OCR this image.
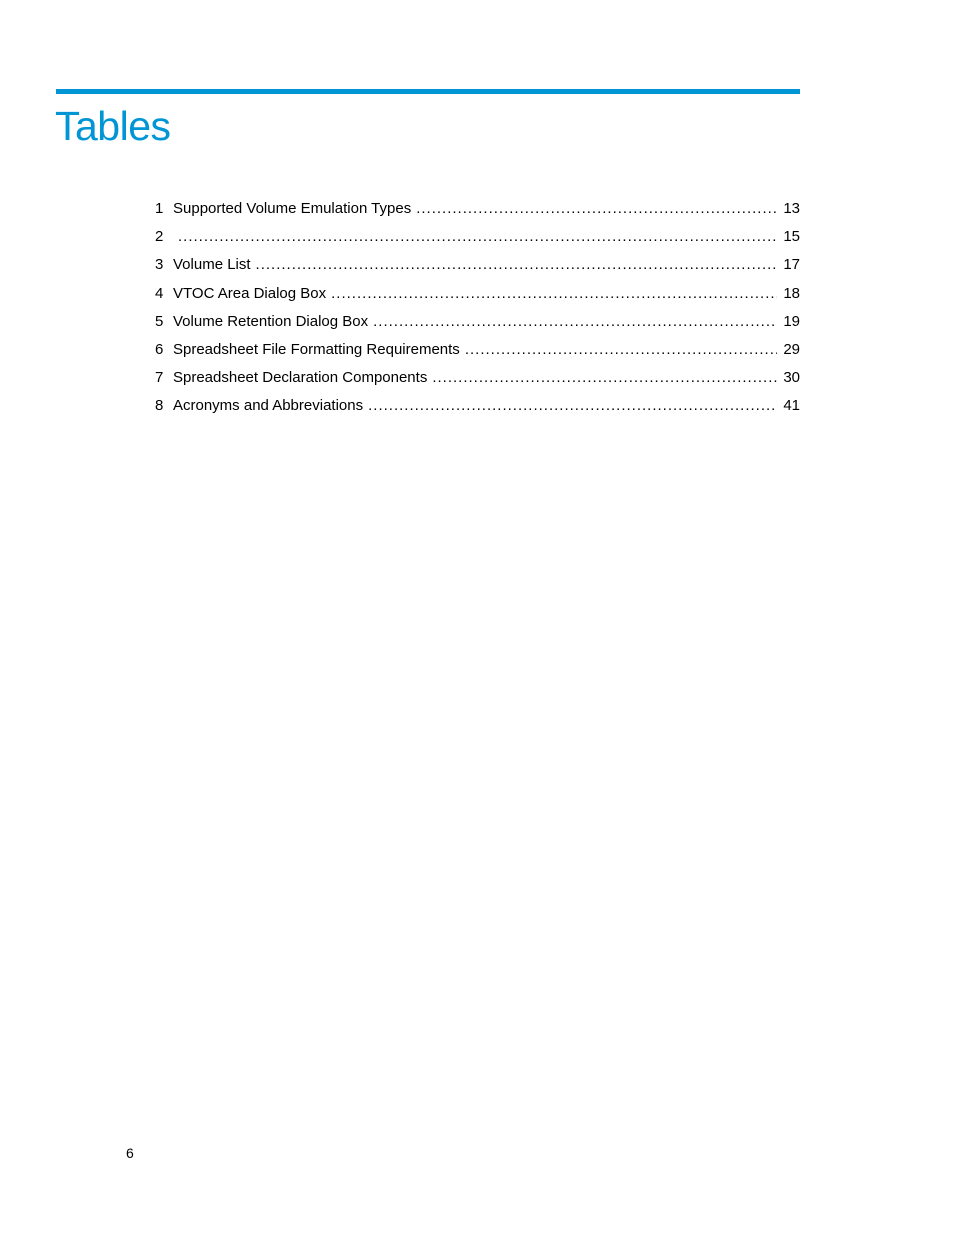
Tables
1 Supported Volume Emulation Types .....	13
2 .....	15
3 Volume List .....	17
4 VTOC Area Dialog Box .....	18
5 Volume Retention Dialog Box .....	19
6 Spreadsheet File Formatting Requirements .....	29
7 Spreadsheet Declaration Components .....	30
8 Acronyms and Abbreviations .....	41
6
